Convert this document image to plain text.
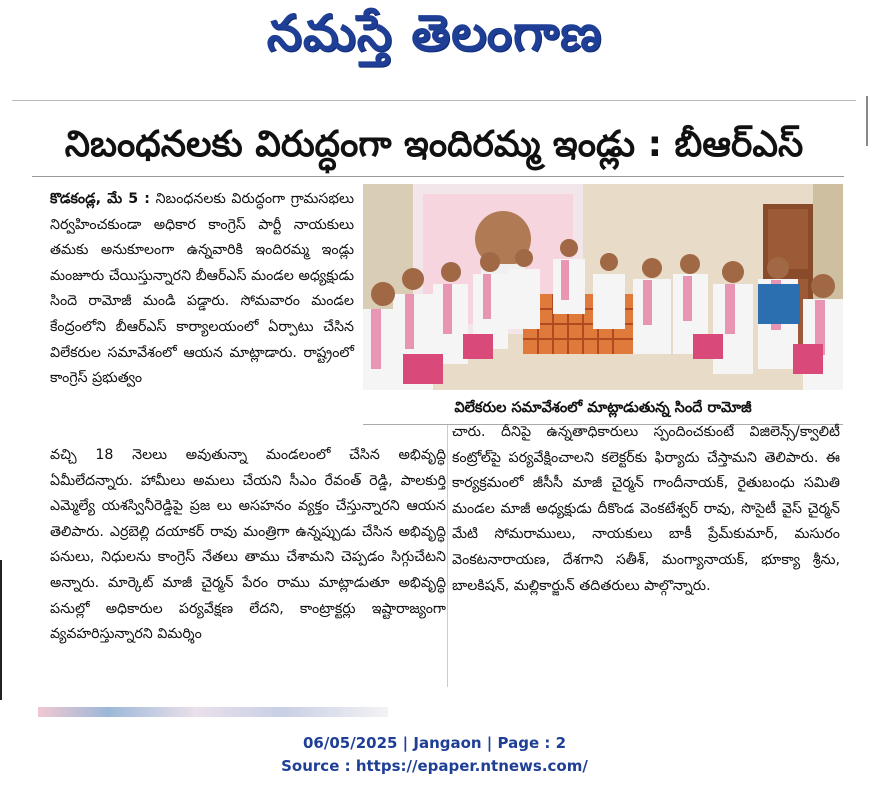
నమస్తే తెలంగాణ
నిబంధనలకు విరుద్ధంగా ఇందిరమ్మ ఇండ్లు : బీఆర్ఎస్
కొడకండ్ల, మే 5 : నిబంధనలకు విరుద్ధంగా గ్రామసభలు నిర్వహించకుండా అధికార కాంగ్రెస్ పార్టీ నాయకులు తమకు అనుకూలంగా ఉన్నవారికి ఇందిరమ్మ ఇండ్లు మంజూరు చేయిస్తున్నారని బీఆర్ఎస్ మండల అధ్యక్షుడు సిందె రామోజీ మండి పడ్డారు. సోమవారం మండల కేంద్రంలోని బీఆర్ఎస్ కార్యాలయంలో ఏర్పాటు చేసిన విలేకరుల సమావేశంలో ఆయన మాట్లాడారు. రాష్ట్రంలో కాంగ్రెస్ ప్రభుత్వం
విలేకరుల సమావేశంలో మాట్లాడుతున్న సిందే రామోజీ
వచ్చి 18 నెలలు అవుతున్నా మండలంలో చేసిన అభివృద్ధి ఏమీలేదన్నారు. హామీలు అమలు చేయని సీఎం రేవంత్ రెడ్డి, పాలకుర్తి ఎమ్మెల్యే యశస్వినీరెడ్డిపై ప్రజ లు అసహనం వ్యక్తం చేస్తున్నారని ఆయన తెలిపారు. ఎర్రబెల్లి దయాకర్ రావు మంత్రిగా ఉన్నప్పుడు చేసిన అభివృద్ధి పనులు, నిధులను కాంగ్రెస్ నేతలు తాము చేశామని చెప్పడం సిగ్గుచేటని అన్నారు. మార్కెట్ మాజీ చైర్మన్ పేరం రాము మాట్లాడుతూ అభివృద్ధి పనుల్లో అధికారుల పర్యవేక్షణ లేదని, కాంట్రాక్టర్లు ఇష్టారాజ్యంగా వ్యవహరిస్తున్నారని విమర్శిం
చారు. దీనిపై ఉన్నతాధికారులు స్పందించకుంటే విజిలెన్స్/క్వాలిటీ కంట్రోల్‌పై పర్యవేక్షించాలని కలెక్టర్‌కు ఫిర్యాదు చేస్తామని తెలిపారు. ఈ కార్యక్రమంలో జీసీసీ మాజీ చైర్మన్ గాందీనాయక్, రైతుబంధు సమితి మండల మాజీ అధ్యక్షుడు దీకొండ వెంకటేశ్వర్ రావు, సొసైటీ వైస్ చైర్మన్ మేటి సోమరాములు, నాయకులు బాకీ ప్రేమ్‌కుమార్, మసురం వెంకటనారాయణ, దేశగాని సతీశ్, మంగ్యానాయక్, భూక్యా శ్రీను, బాలకిషన్, మల్లికార్జున్ తదితరులు పాల్గొన్నారు.
06/05/2025 | Jangaon | Page : 2
Source : https://epaper.ntnews.com/
